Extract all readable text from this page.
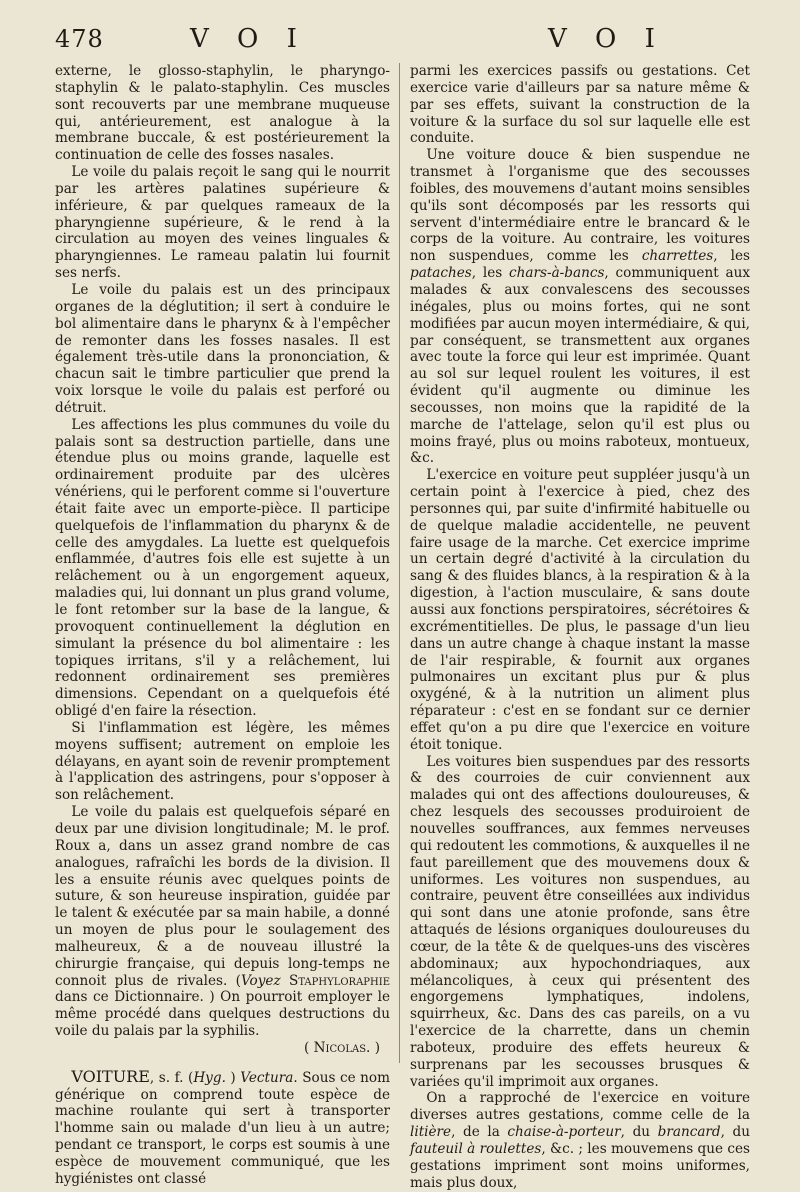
478	V O I	V O I

externe, le glosso-staphylin, le pharyngo-staphylin & le palato-staphylin. Ces muscles sont recouverts par une membrane muqueuse qui, antérieurement, est analogue à la membrane buccale, & est postérieurement la continuation de celle des fosses nasales.

Le voile du palais reçoit le sang qui le nourrit par les artères palatines supérieure & inférieure, & par quelques rameaux de la pharyngienne supérieure, & le rend à la circulation au moyen des veines linguales & pharyngiennes. Le rameau palatin lui fournit ses nerfs.

Le voile du palais est un des principaux organes de la déglutition; il sert à conduire le bol alimentaire dans le pharynx & à l'empêcher de remonter dans les fosses nasales. Il est également très-utile dans la prononciation, & chacun sait le timbre particulier que prend la voix lorsque le voile du palais est perforé ou détruit.

Les affections les plus communes du voile du palais sont sa destruction partielle, dans une étendue plus ou moins grande, laquelle est ordinairement produite par des ulcères vénériens, qui le perforent comme si l'ouverture était faite avec un emporte-pièce. Il participe quelquefois de l'inflammation du pharynx & de celle des amygdales. La luette est quelquefois enflammée, d'autres fois elle est sujette à un relâchement ou à un engorgement aqueux, maladies qui, lui donnant un plus grand volume, le font retomber sur la base de la langue, & provoquent continuellement la déglution en simulant la présence du bol alimentaire : les topiques irritans, s'il y a relâchement, lui redonnent ordinairement ses premières dimensions. Cependant on a quelquefois été obligé d'en faire la résection.

Si l'inflammation est légère, les mêmes moyens suffisent; autrement on emploie les délayans, en ayant soin de revenir promptement à l'application des astringens, pour s'opposer à son relâchement.

Le voile du palais est quelquefois séparé en deux par une division longitudinale; M. le prof. Roux a, dans un assez grand nombre de cas analogues, rafraîchi les bords de la division. Il les a ensuite réunis avec quelques points de suture, & son heureuse inspiration, guidée par le talent & exécutée par sa main habile, a donné un moyen de plus pour le soulagement des malheureux, & a de nouveau illustré la chirurgie française, qui depuis long-temps ne connoit plus de rivales. (Voyez Staphyloraphie dans ce Dictionnaire. ) On pourroit employer le même procédé dans quelques destructions du voile du palais par la syphilis.

( Nicolas. )

VOITURE, s. f. (Hyg. ) Vectura. Sous ce nom générique on comprend toute espèce de machine roulante qui sert à transporter l'homme sain ou malade d'un lieu à un autre; pendant ce transport, le corps est soumis à une espèce de mouvement communiqué, que les hygiénistes ont classé

parmi les exercices passifs ou gestations. Cet exercice varie d'ailleurs par sa nature même & par ses effets, suivant la construction de la voiture & la surface du sol sur laquelle elle est conduite.

Une voiture douce & bien suspendue ne transmet à l'organisme que des secousses foibles, des mouvemens d'autant moins sensibles qu'ils sont décomposés par les ressorts qui servent d'intermédiaire entre le brancard & le corps de la voiture. Au contraire, les voitures non suspendues, comme les charrettes, les pataches, les chars-à-bancs, communiquent aux malades & aux convalescens des secousses inégales, plus ou moins fortes, qui ne sont modifiées par aucun moyen intermédiaire, & qui, par conséquent, se transmettent aux organes avec toute la force qui leur est imprimée. Quant au sol sur lequel roulent les voitures, il est évident qu'il augmente ou diminue les secousses, non moins que la rapidité de la marche de l'attelage, selon qu'il est plus ou moins frayé, plus ou moins raboteux, montueux, &c.

L'exercice en voiture peut suppléer jusqu'à un certain point à l'exercice à pied, chez des personnes qui, par suite d'infirmité habituelle ou de quelque maladie accidentelle, ne peuvent faire usage de la marche. Cet exercice imprime un certain degré d'activité à la circulation du sang & des fluides blancs, à la respiration & à la digestion, à l'action musculaire, & sans doute aussi aux fonctions perspiratoires, sécrétoires & excrémentitielles. De plus, le passage d'un lieu dans un autre change à chaque instant la masse de l'air respirable, & fournit aux organes pulmonaires un excitant plus pur & plus oxygéné, & à la nutrition un aliment plus réparateur : c'est en se fondant sur ce dernier effet qu'on a pu dire que l'exercice en voiture étoit tonique.

Les voitures bien suspendues par des ressorts & des courroies de cuir conviennent aux malades qui ont des affections douloureuses, & chez lesquels des secousses produiroient de nouvelles souffrances, aux femmes nerveuses qui redoutent les commotions, & auxquelles il ne faut pareillement que des mouvemens doux & uniformes. Les voitures non suspendues, au contraire, peuvent être conseillées aux individus qui sont dans une atonie profonde, sans être attaqués de lésions organiques douloureuses du cœur, de la tête & de quelques-uns des viscères abdominaux; aux hypochondriaques, aux mélancoliques, à ceux qui présentent des engorgemens lymphatiques, indolens, squirrheux, &c. Dans des cas pareils, on a vu l'exercice de la charrette, dans un chemin raboteux, produire des effets heureux & surprenans par les secousses brusques & variées qu'il imprimoit aux organes.

On a rapproché de l'exercice en voiture diverses autres gestations, comme celle de la litière, de la chaise-à-porteur, du brancard, du fauteuil à roulettes, &c. ; les mouvemens que ces gestations impriment sont moins uniformes, mais plus doux,
